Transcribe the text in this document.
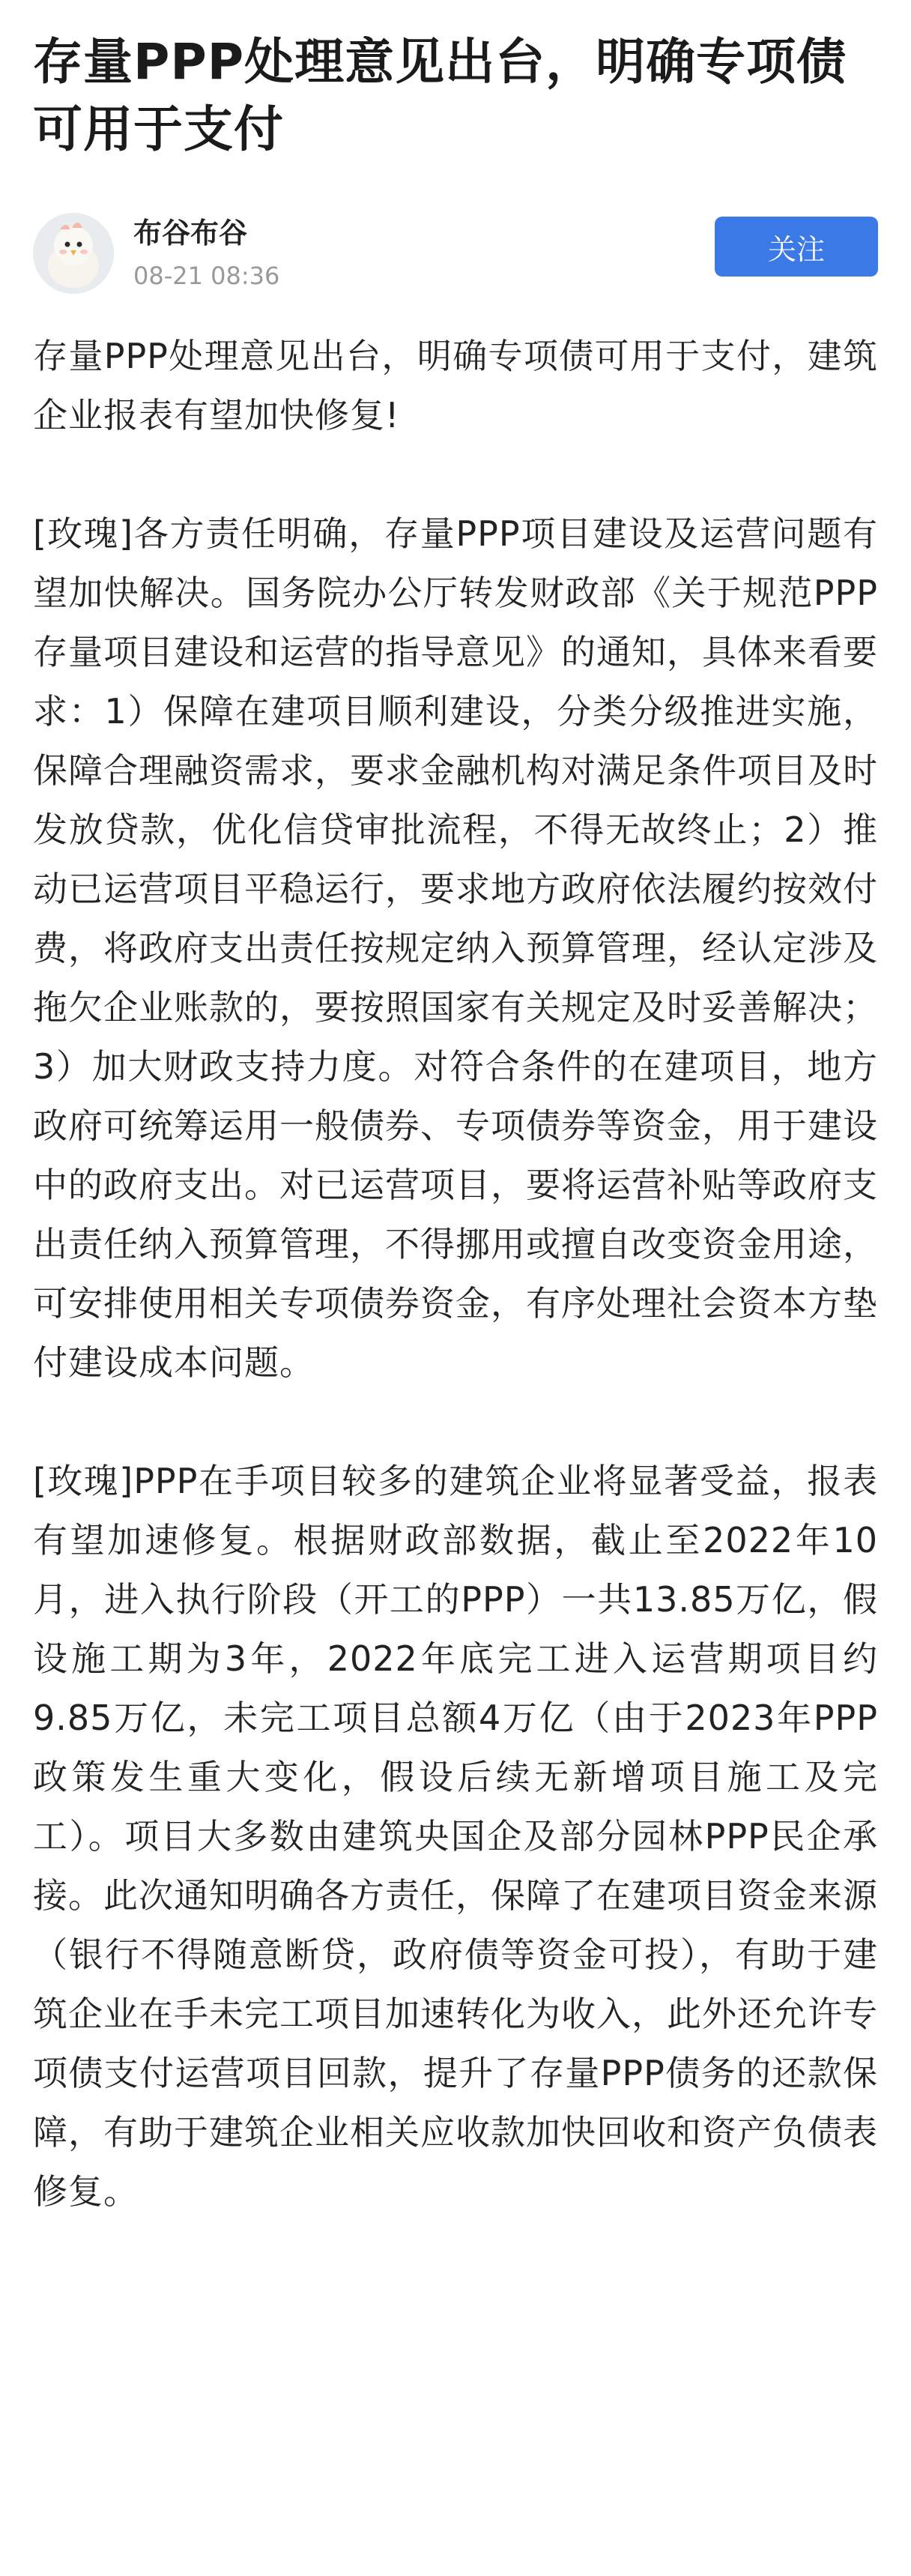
存量PPP处理意见出台，明确专项债可用于支付
布谷布谷
08-21 08:36
关注

存量PPP处理意见出台，明确专项债可用于支付，建筑企业报表有望加快修复!

[玫瑰]各方责任明确，存量PPP项目建设及运营问题有望加快解决。国务院办公厅转发财政部《关于规范PPP存量项目建设和运营的指导意见》的通知，具体来看要求：1）保障在建项目顺利建设，分类分级推进实施，保障合理融资需求，要求金融机构对满足条件项目及时发放贷款，优化信贷审批流程，不得无故终止；2）推动已运营项目平稳运行，要求地方政府依法履约按效付费，将政府支出责任按规定纳入预算管理，经认定涉及拖欠企业账款的，要按照国家有关规定及时妥善解决；3）加大财政支持力度。对符合条件的在建项目，地方政府可统筹运用一般债券、专项债券等资金，用于建设中的政府支出。对已运营项目，要将运营补贴等政府支出责任纳入预算管理，不得挪用或擅自改变资金用途，可安排使用相关专项债券资金，有序处理社会资本方垫付建设成本问题。

[玫瑰]PPP在手项目较多的建筑企业将显著受益，报表有望加速修复。根据财政部数据，截止至2022年10月，进入执行阶段（开工的PPP）一共13.85万亿，假设施工期为3年，2022年底完工进入运营期项目约9.85万亿，未完工项目总额4万亿（由于2023年PPP政策发生重大变化，假设后续无新增项目施工及完工）。项目大多数由建筑央国企及部分园林PPP民企承接。此次通知明确各方责任，保障了在建项目资金来源（银行不得随意断贷，政府债等资金可投），有助于建筑企业在手未完工项目加速转化为收入，此外还允许专项债支付运营项目回款，提升了存量PPP债务的还款保障，有助于建筑企业相关应收款加快回收和资产负债表修复。
